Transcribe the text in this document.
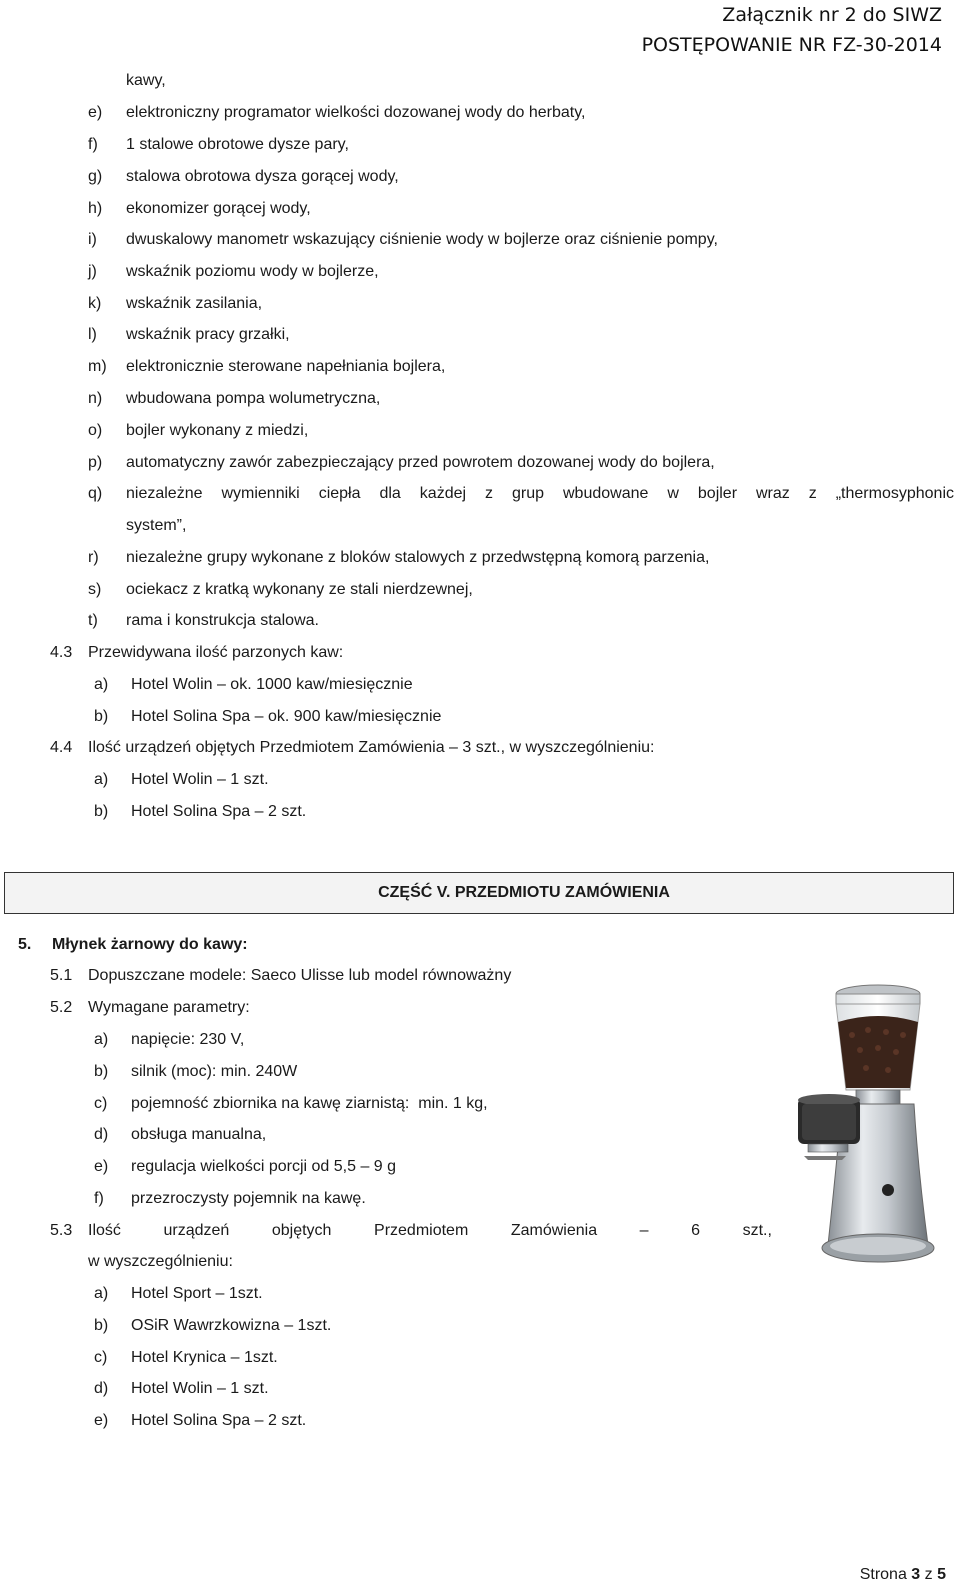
Załącznik nr 2 do SIWZ
POSTĘPOWANIE NR FZ-30-2014
kawy,
e) elektroniczny programator wielkości dozowanej wody do herbaty,
f) 1 stalowe obrotowe dysze pary,
g) stalowa obrotowa dysza gorącej wody,
h) ekonomizer gorącej wody,
i) dwuskalowy manometr wskazujący ciśnienie wody w bojlerze oraz ciśnienie pompy,
j) wskaźnik poziomu wody w bojlerze,
k) wskaźnik zasilania,
l) wskaźnik pracy grzałki,
m) elektronicznie sterowane napełniania bojlera,
n) wbudowana pompa wolumetryczna,
o) bojler wykonany z miedzi,
p) automatyczny zawór zabezpieczający przed powrotem dozowanej wody do bojlera,
q) niezależne wymienniki ciepła dla każdej z grup wbudowane w bojler wraz z „thermosyphonic
system”,
r) niezależne grupy wykonane z bloków stalowych z przedwstępną komorą parzenia,
s) ociekacz z kratką wykonany ze stali nierdzewnej,
t) rama i konstrukcja stalowa.
4.3 Przewidywana ilość parzonych kaw:
a) Hotel Wolin – ok. 1000 kaw/miesięcznie
b) Hotel Solina Spa – ok. 900 kaw/miesięcznie
4.4 Ilość urządzeń objętych Przedmiotem Zamówienia – 3 szt., w wyszczególnieniu:
a) Hotel Wolin – 1 szt.
b) Hotel Solina Spa – 2 szt.
CZĘŚĆ V. PRZEDMIOTU ZAMÓWIENIA
5. Młynek żarnowy do kawy:
5.1 Dopuszczane modele: Saeco Ulisse lub model równoważny
5.2 Wymagane parametry:
a) napięcie: 230 V,
b) silnik (moc): min. 240W
c) pojemność zbiornika na kawę ziarnistą:  min. 1 kg,
d) obsługa manualna,
e) regulacja wielkości porcji od 5,5 – 9 g
f) przezroczysty pojemnik na kawę.
5.3 Ilość	urządzeń	objętych	Przedmiotem	Zamówienia	–	6	szt.,
w wyszczególnieniu:
a) Hotel Sport – 1szt.
b) OSiR Wawrzkowizna – 1szt.
c) Hotel Krynica – 1szt.
d) Hotel Wolin – 1 szt.
e) Hotel Solina Spa – 2 szt.
Strona 3 z 5
